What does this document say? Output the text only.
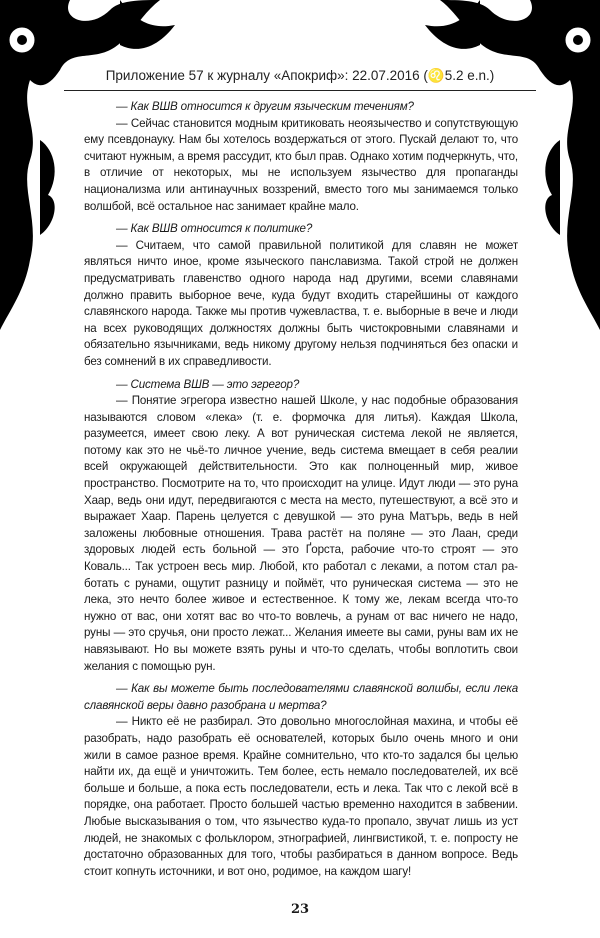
Приложение 57 к журналу «Апокриф»: 22.07.2016 (♌5.2 e.n.)

— Как ВШВ относится к другим языческим течениям?

— Сейчас становится модным критиковать неоязычество и сопутствующую ему псевдонауку. Нам бы хотелось воздержаться от этого. Пускай делают то, что считают нужным, а время рассудит, кто был прав. Однако хотим подчеркнуть, что, в отличие от некоторых, мы не используем язычество для пропаганды национализма или антинаучных воззрений, вместо того мы занимаемся только волшбой, всё остальное нас занимает крайне мало.

— Как ВШВ относится к политике?

— Считаем, что самой правильной политикой для славян не может являться ничто иное, кроме языческого панславизма. Такой строй не должен предусматривать главенство одного народа над другими, всеми славянами должно править выборное вече, куда будут входить старейшины от каждого славянского народа. Также мы против чужевластва, т. е. выборные в вече и люди на всех руководящих должностях должны быть чистокровными славянами и обязательно язычниками, ведь никому другому нельзя подчиняться без опаски и без сомнений в их справедливости.

— Система ВШВ — это эгрегор?

— Понятие эгрегора известно нашей Школе, у нас подобные образования называются словом «лека» (т. е. формочка для литья). Каждая Школа, разумеется, имеет свою леку. А вот руническая система лекой не является, потому как это не чьё-то личное учение, ведь система вмещает в себя реалии всей окружающей действительности. Это как полноценный мир, живое пространство. Посмотрите на то, что происходит на улице. Идут люди — это руна Хаар, ведь они идут, передвигаются с места на место, путешествуют, а всё это и выражает Хаар. Парень целуется с девушкой — это руна Матърь, ведь в ней заложены любовные отношения. Трава растёт на поляне — это Лаан, среди здоровых людей есть больной — это Ґорста, рабочие что-то строят — это Коваль... Так устроен весь мир. Любой, кто работал с леками, а потом стал работать с рунами, ощутит разницу и поймёт, что руническая система — это не лека, это нечто более живое и естественное. К тому же, лекам всегда что-то нужно от вас, они хотят вас во что-то вовлечь, а рунам от вас ничего не надо, руны — это сручья, они просто лежат... Желания имеете вы сами, руны вам их не навязывают. Но вы можете взять руны и что-то сделать, чтобы воплотить свои желания с помощью рун.

— Как вы можете быть последователями славянской волшбы, если лека славянской веры давно разобрана и мертва?

— Никто её не разбирал. Это довольно многослойная махина, и чтобы её разобрать, надо разобрать её основателей, которых было очень много и они жили в самое разное время. Крайне сомнительно, что кто-то задался бы целью найти их, да ещё и уничтожить. Тем более, есть немало последователей, их всё больше и больше, а пока есть последователи, есть и лека. Так что с лекой всё в порядке, она работает. Просто большей частью временно находится в забвении. Любые высказывания о том, что язычество куда-то пропало, звучат лишь из уст людей, не знакомых с фольклором, этнографией, лингвистикой, т. е. попросту не достаточно образованных для того, чтобы разбираться в данном вопросе. Ведь стоит копнуть источники, и вот оно, родимое, на каждом шагу!

23
